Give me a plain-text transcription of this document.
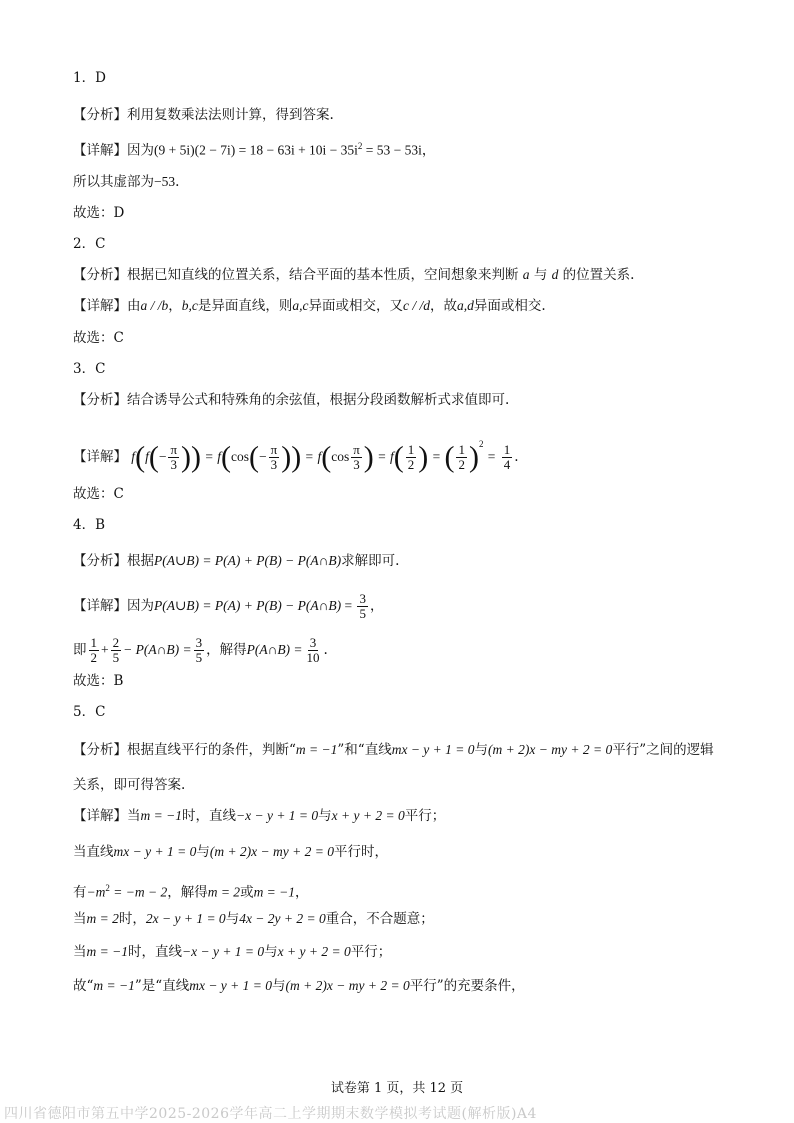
1．D
【分析】利用复数乘法法则计算，得到答案.
【详解】因为$(9 + 5i)(2 - 7i) = 18 - 63i + 10i - 35i^2 = 53 - 53i$，
所以其虚部为−53.
故选：D
2．C
【分析】根据已知直线的位置关系，结合平面的基本性质，空间想象来判断 a 与 d 的位置关系.
【详解】由a / /b，b,c是异面直线，则a,c异面或相交，又c / /d，故a,d异面或相交.
故选：C
3．C
【分析】结合诱导公式和特殊角的余弦值，根据分段函数解析式求值即可.
【详解】 $f(f(- \frac{\pi}{3}$ )) = $f(\cos(- \frac{\pi}{3}$ )) = $f(\cos \frac{\pi}{3}$ ) = $f( \frac{1}{2}$ ) = ( $\frac{1}{2} )^2 = \frac{1}{4}$ .
故选：C
4．B
【分析】根据P(A∪B) = P(A) + P(B) − P(A∩B)求解即可.
【详解】因为P(A∪B) = P(A) + P(B) − P(A∩B) = $\frac{3}{5}$ ，
即 $\frac{1}{2} + \frac{2}{5}$ − P(A∩B) = $\frac{3}{5}$ ，解得P(A∩B) = $\frac{3}{10}$ .
故选：B
5．C
【分析】根据直线平行的条件，判断“m = −1”和“直线mx − y + 1 = 0与(m + 2)x − my + 2 = 0平行”之间的逻辑
关系，即可得答案.
【详解】当m = −1时，直线−x − y + 1 = 0与x + y + 2 = 0平行；
当直线mx − y + 1 = 0与(m + 2)x − my + 2 = 0平行时，
有$-m^2 = -m - 2$，解得m = 2或m = −1，
当m = 2时，2x − y + 1 = 0与4x − 2y + 2 = 0重合，不合题意；
当m = −1时，直线−x − y + 1 = 0与x + y + 2 = 0平行；
故“m = −1”是“直线mx − y + 1 = 0与(m + 2)x − my + 2 = 0平行”的充要条件，
试卷第 1 页，共 12 页
四川省德阳市第五中学2025-2026学年高二上学期期末数学模拟考试题(解析版)A4
